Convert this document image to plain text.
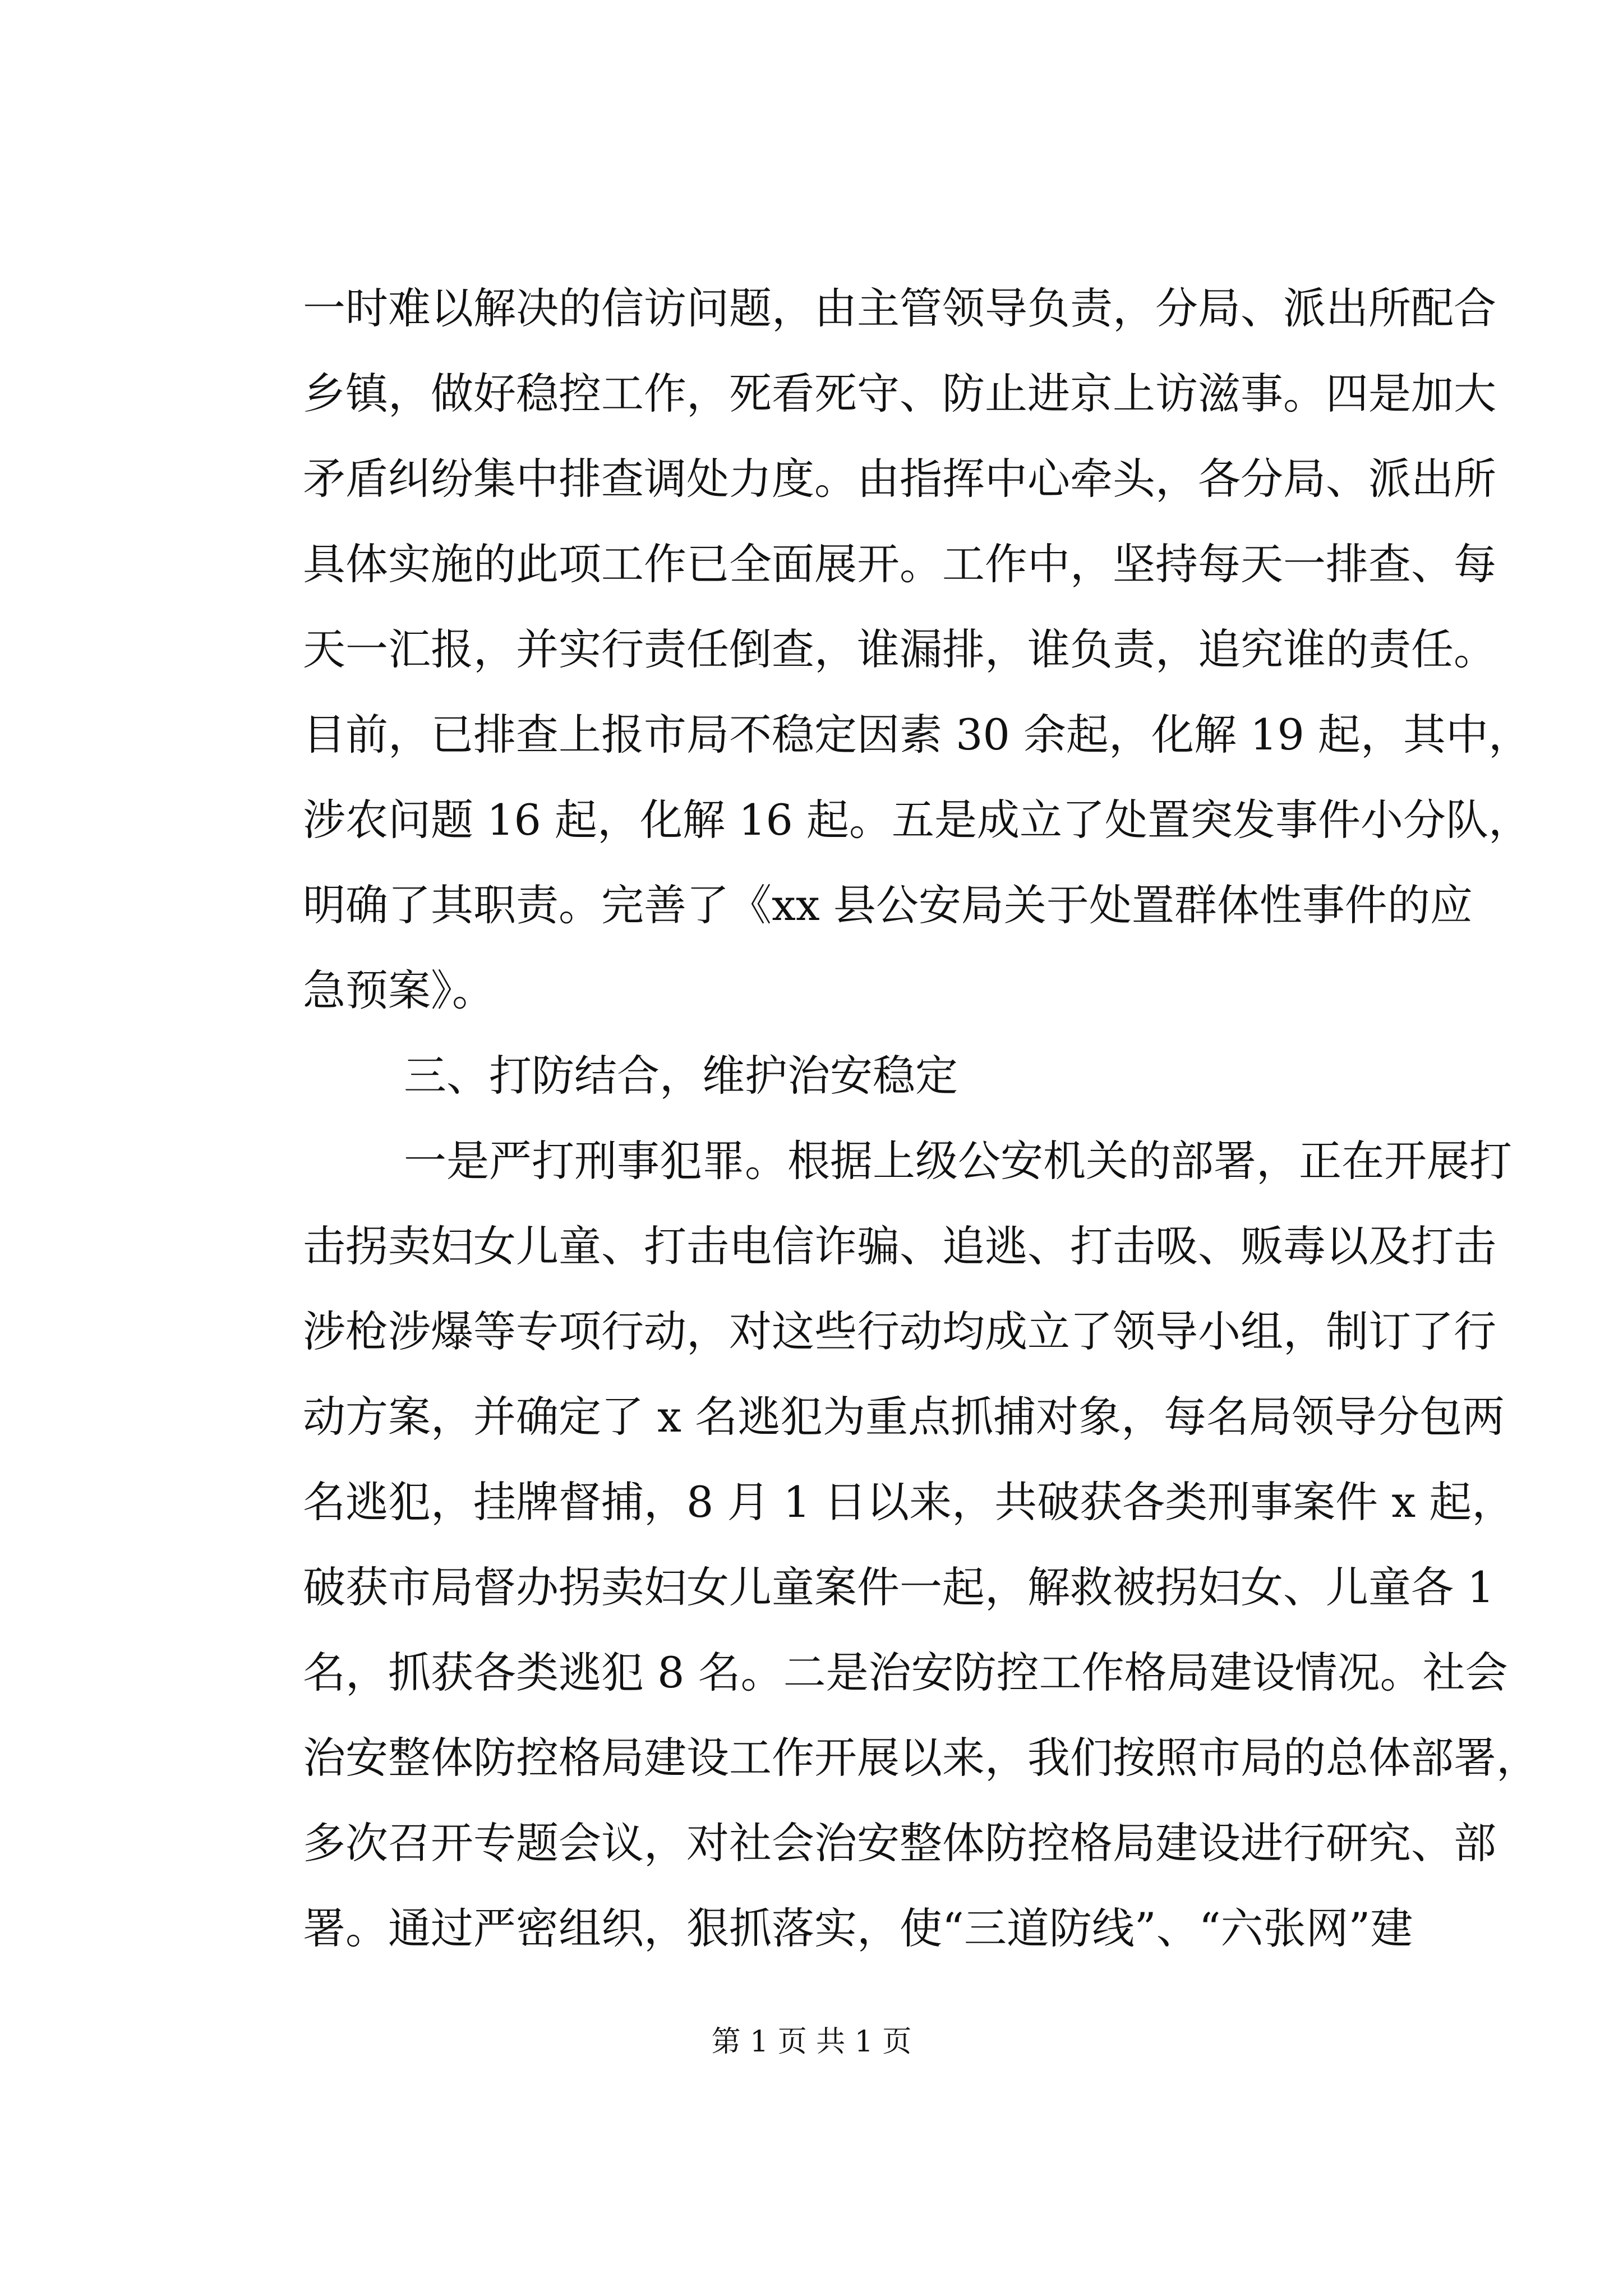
一时难以解决的信访问题，由主管领导负责，分局、派出所配合
乡镇，做好稳控工作，死看死守、防止进京上访滋事。四是加大
矛盾纠纷集中排查调处力度。由指挥中心牵头，各分局、派出所
具体实施的此项工作已全面展开。工作中，坚持每天一排查、每
天一汇报，并实行责任倒查，谁漏排，谁负责，追究谁的责任。
目前，已排查上报市局不稳定因素 30 余起，化解 19 起，其中，
涉农问题 16 起，化解 16 起。五是成立了处置突发事件小分队，
明确了其职责。完善了《xx 县公安局关于处置群体性事件的应
急预案》。
三、打防结合，维护治安稳定
一是严打刑事犯罪。根据上级公安机关的部署，正在开展打
击拐卖妇女儿童、打击电信诈骗、追逃、打击吸、贩毒以及打击
涉枪涉爆等专项行动，对这些行动均成立了领导小组，制订了行
动方案，并确定了 x 名逃犯为重点抓捕对象，每名局领导分包两
名逃犯，挂牌督捕，8 月 1 日以来，共破获各类刑事案件 x 起，
破获市局督办拐卖妇女儿童案件一起，解救被拐妇女、儿童各 1
名，抓获各类逃犯 8 名。二是治安防控工作格局建设情况。社会
治安整体防控格局建设工作开展以来，我们按照市局的总体部署，
多次召开专题会议，对社会治安整体防控格局建设进行研究、部
署。通过严密组织，狠抓落实，使“三道防线”、“六张网”建
第 1 页 共 1 页
